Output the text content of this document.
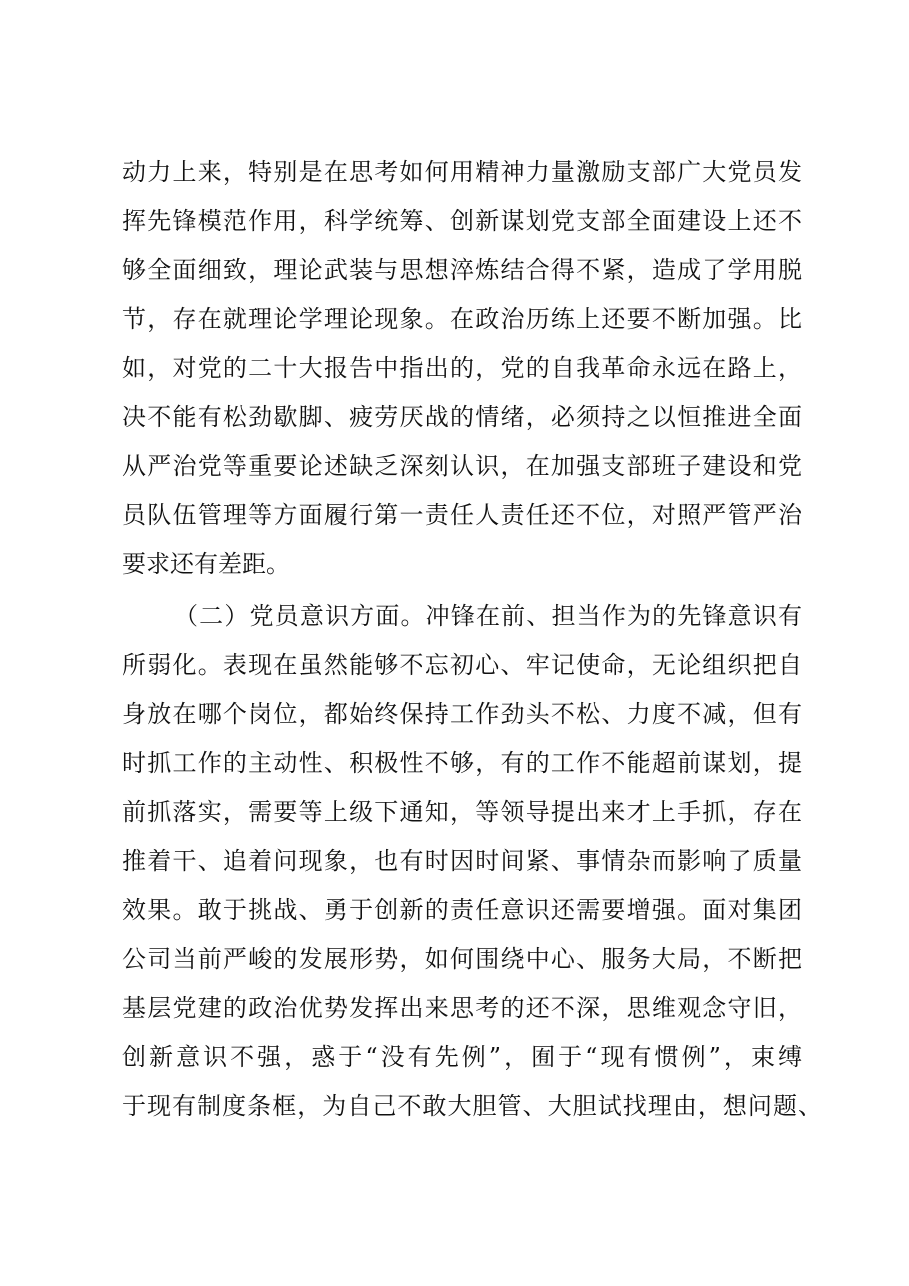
动力上来，特别是在思考如何用精神力量激励支部广大党员发
挥先锋模范作用，科学统筹、创新谋划党支部全面建设上还不
够全面细致，理论武装与思想淬炼结合得不紧，造成了学用脱
节，存在就理论学理论现象。在政治历练上还要不断加强。比
如，对党的二十大报告中指出的，党的自我革命永远在路上，
决不能有松劲歇脚、疲劳厌战的情绪，必须持之以恒推进全面
从严治党等重要论述缺乏深刻认识，在加强支部班子建设和党
员队伍管理等方面履行第一责任人责任还不位，对照严管严治
要求还有差距。
（二）党员意识方面。冲锋在前、担当作为的先锋意识有
所弱化。表现在虽然能够不忘初心、牢记使命，无论组织把自
身放在哪个岗位，都始终保持工作劲头不松、力度不减，但有
时抓工作的主动性、积极性不够，有的工作不能超前谋划，提
前抓落实，需要等上级下通知，等领导提出来才上手抓，存在
推着干、追着问现象，也有时因时间紧、事情杂而影响了质量
效果。敢于挑战、勇于创新的责任意识还需要增强。面对集团
公司当前严峻的发展形势，如何围绕中心、服务大局，不断把
基层党建的政治优势发挥出来思考的还不深，思维观念守旧，
创新意识不强，惑于“没有先例”，囿于“现有惯例”，束缚
于现有制度条框，为自己不敢大胆管、大胆试找理由，想问题、
